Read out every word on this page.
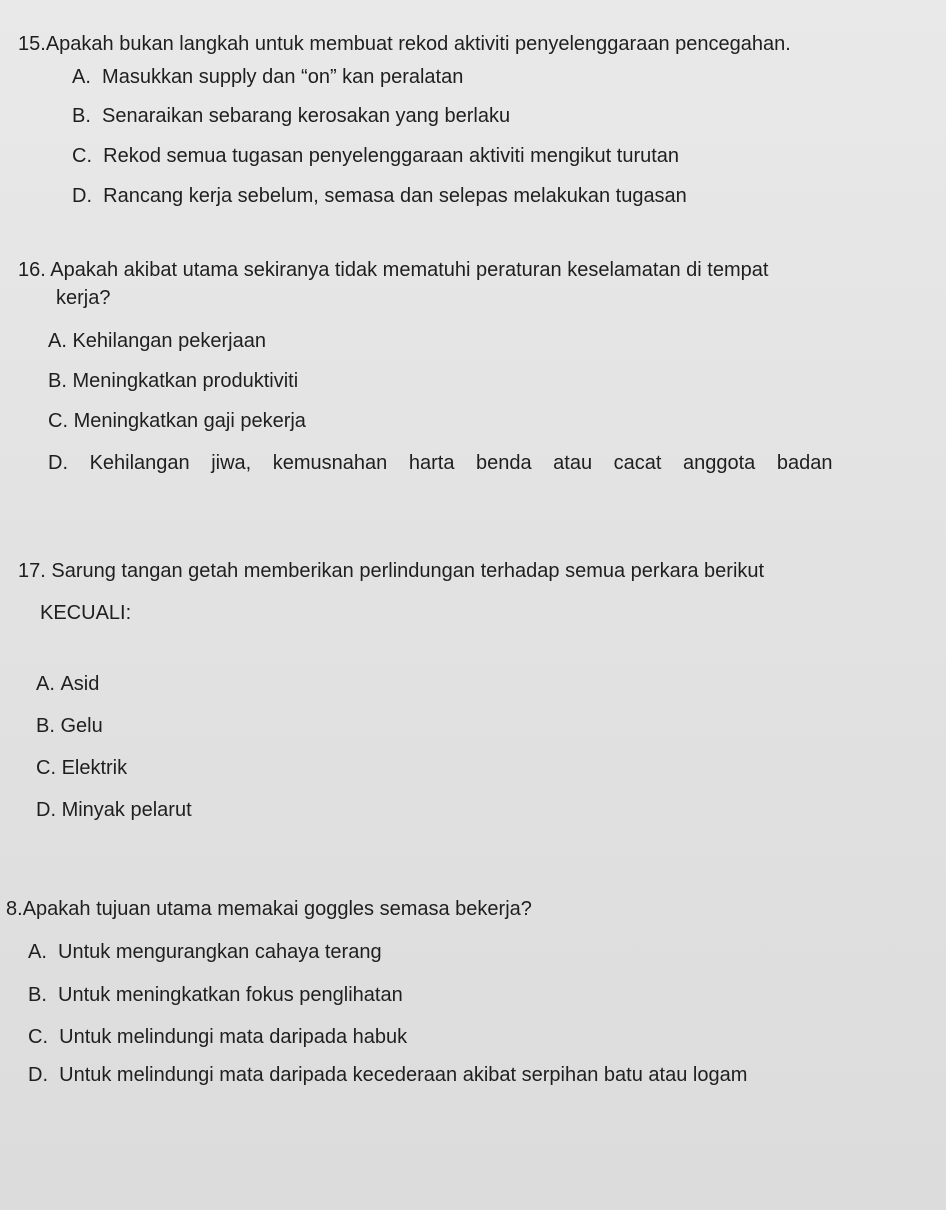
15.Apakah bukan langkah untuk membuat rekod aktiviti penyelenggaraan pencegahan.
A. Masukkan supply dan “on” kan peralatan
B. Senaraikan sebarang kerosakan yang berlaku
C. Rekod semua tugasan penyelenggaraan aktiviti mengikut turutan
D. Rancang kerja sebelum, semasa dan selepas melakukan tugasan
16. Apakah akibat utama sekiranya tidak mematuhi peraturan keselamatan di tempat
kerja?
A. Kehilangan pekerjaan
B. Meningkatkan produktiviti
C. Meningkatkan gaji pekerja
D. Kehilangan jiwa, kemusnahan harta benda atau cacat anggota badan
17. Sarung tangan getah memberikan perlindungan terhadap semua perkara berikut
KECUALI:
A. Asid
B. Gelu
C. Elektrik
D. Minyak pelarut
8.Apakah tujuan utama memakai goggles semasa bekerja?
A. Untuk mengurangkan cahaya terang
B. Untuk meningkatkan fokus penglihatan
C. Untuk melindungi mata daripada habuk
D. Untuk melindungi mata daripada kecederaan akibat serpihan batu atau logam
